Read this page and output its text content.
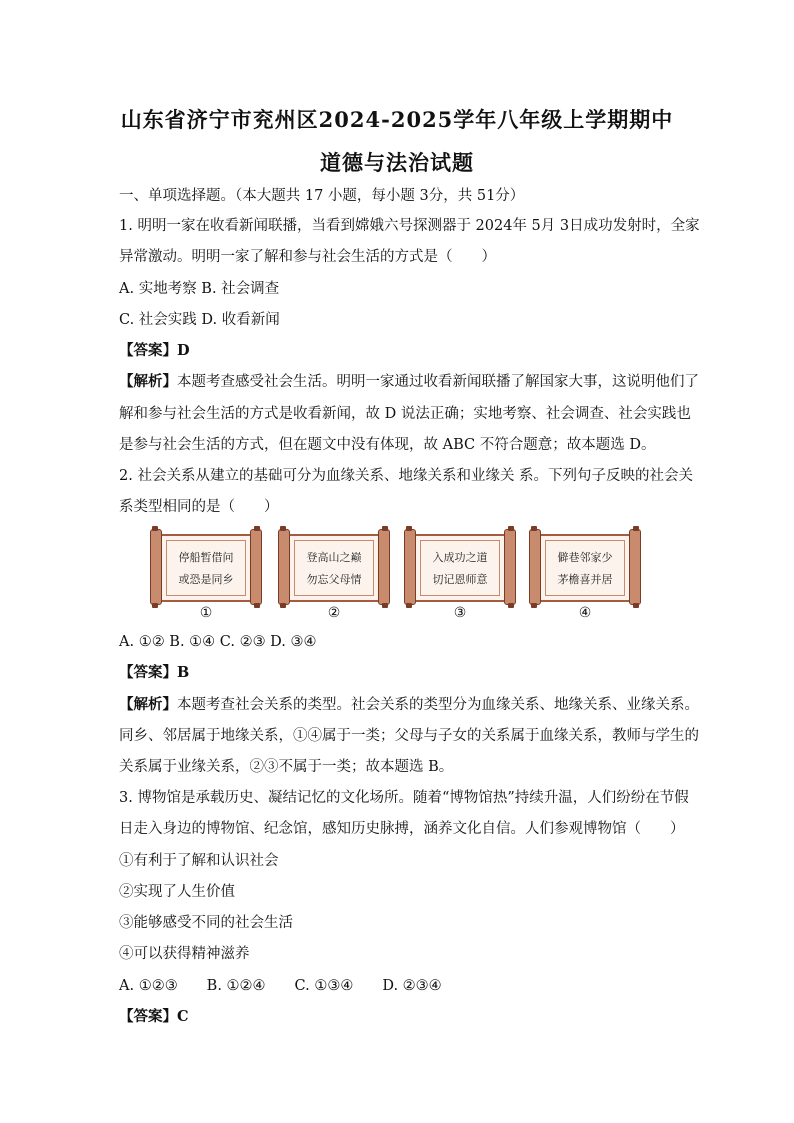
山东省济宁市兖州区2024-2025学年八年级上学期期中
道德与法治试题
一、单项选择题。（本大题共 17 小题，每小题 3分，共 51分）
1. 明明一家在收看新闻联播，当看到嫦娥六号探测器于 2024年 5月 3日成功发射时，全家
异常激动。明明一家了解和参与社会生活的方式是（　　）
A. 实地考察 B. 社会调查
C. 社会实践 D. 收看新闻
【答案】D
【解析】本题考查感受社会生活。明明一家通过收看新闻联播了解国家大事，这说明他们了
解和参与社会生活的方式是收看新闻，故 D 说法正确；实地考察、社会调查、社会实践也
是参与社会生活的方式，但在题文中没有体现，故 ABC 不符合题意；故本题选 D。
2. 社会关系从建立的基础可分为血缘关系、地缘关系和业缘关 系。下列句子反映的社会关
系类型相同的是（　　）
停船暂借问
或恐是同乡
①
登高山之巅
勿忘父母情
②
入成功之道
切记恩师意
③
僻巷邻家少
茅檐喜并居
④
A. ①② B. ①④ C. ②③ D. ③④
【答案】B
【解析】本题考查社会关系的类型。社会关系的类型分为血缘关系、地缘关系、业缘关系。
同乡、邻居属于地缘关系，①④属于一类；父母与子女的关系属于血缘关系，教师与学生的
关系属于业缘关系，②③不属于一类；故本题选 B。
3. 博物馆是承载历史、凝结记忆的文化场所。随着“博物馆热”持续升温，人们纷纷在节假
日走入身边的博物馆、纪念馆，感知历史脉搏，涵养文化自信。人们参观博物馆（　　）
①有利于了解和认识社会
②实现了人生价值
③能够感受不同的社会生活
④可以获得精神滋养
A. ①②③　　B. ①②④　　C. ①③④　　D. ②③④
【答案】C
